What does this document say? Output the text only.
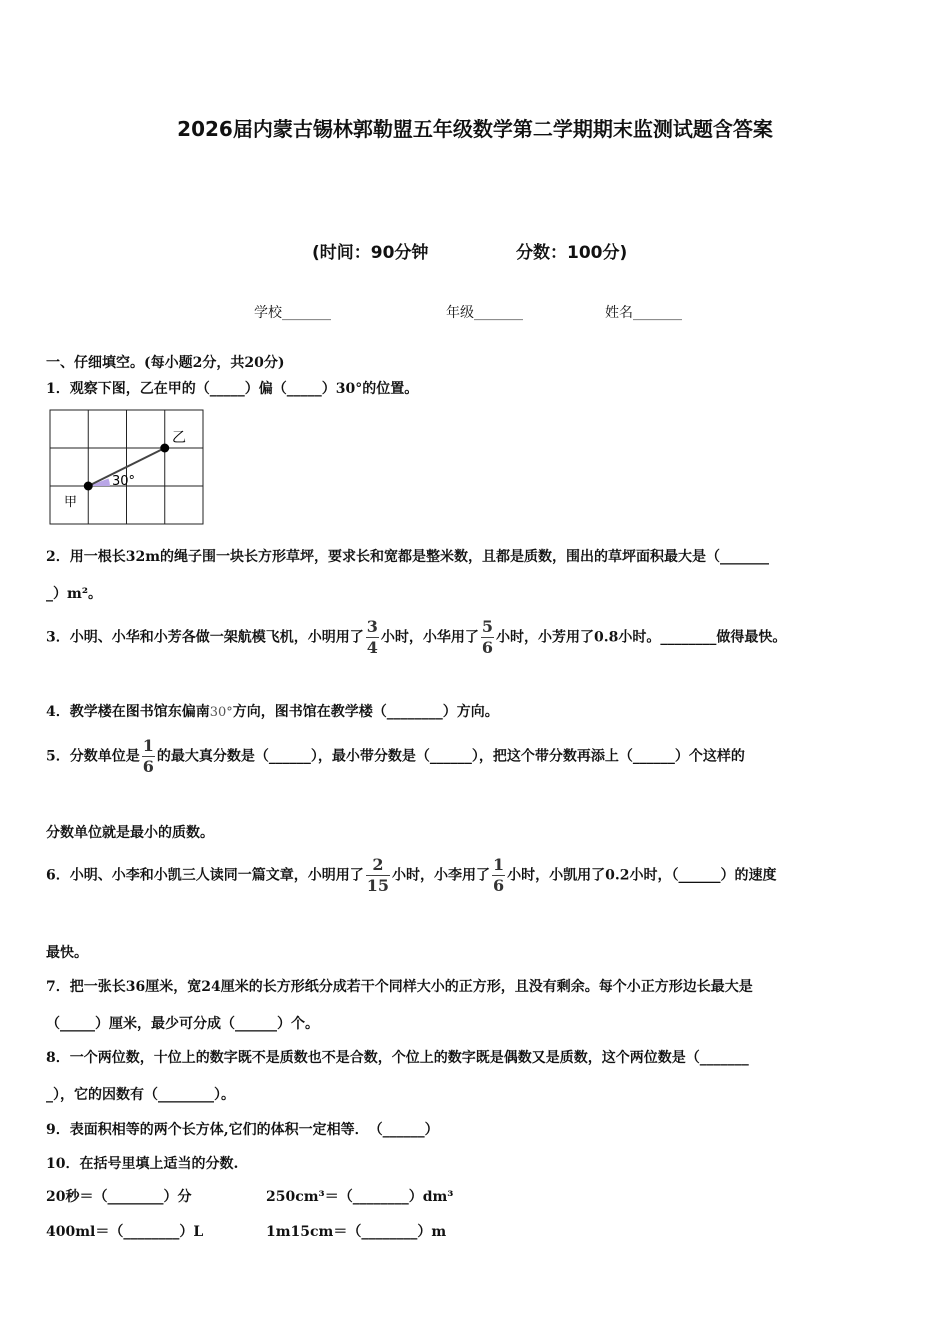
2026届内蒙古锡林郭勒盟五年级数学第二学期期末监测试题含答案
(时间：90分钟	分数：100分)
学校_______	年级_______	姓名_______
一、仔细填空。(每小题2分，共20分)
1．观察下图，乙在甲的（_____）偏（_____）30°的位置。
乙
甲
30°
2．用一根长32m的绳子围一块长方形草坪，要求长和宽都是整米数，且都是质数，围出的草坪面积最大是（_______
_）m²。
3．小明、小华和小芳各做一架航模飞机，小明用了 $\frac{3}{4}$ 小时，小华用了 $\frac{5}{6}$ 小时，小芳用了0.8小时。________做得最快。
4．教学楼在图书馆东偏南30°方向，图书馆在教学楼（________）方向。
5．分数单位是 $\frac{1}{6}$ 的最大真分数是（______），最小带分数是（______），把这个带分数再添上（______）个这样的
分数单位就是最小的质数。
6．小明、小李和小凯三人读同一篇文章，小明用了 $\frac{2}{15}$ 小时，小李用了 $\frac{1}{6}$ 小时，小凯用了0.2小时，（______）的速度
最快。
7．把一张长36厘米，宽24厘米的长方形纸分成若干个同样大小的正方形，且没有剩余。每个小正方形边长最大是
（_____）厘米，最少可分成（______）个。
8．一个两位数，十位上的数字既不是质数也不是合数，个位上的数字既是偶数又是质数，这个两位数是（_______
_），它的因数有（________）。
9．表面积相等的两个长方体,它们的体积一定相等．　（______）
10．在括号里填上适当的分数.
20秒＝（________）分	250cm³＝（________）dm³
400ml＝（________）L	1m15cm＝（________）m
